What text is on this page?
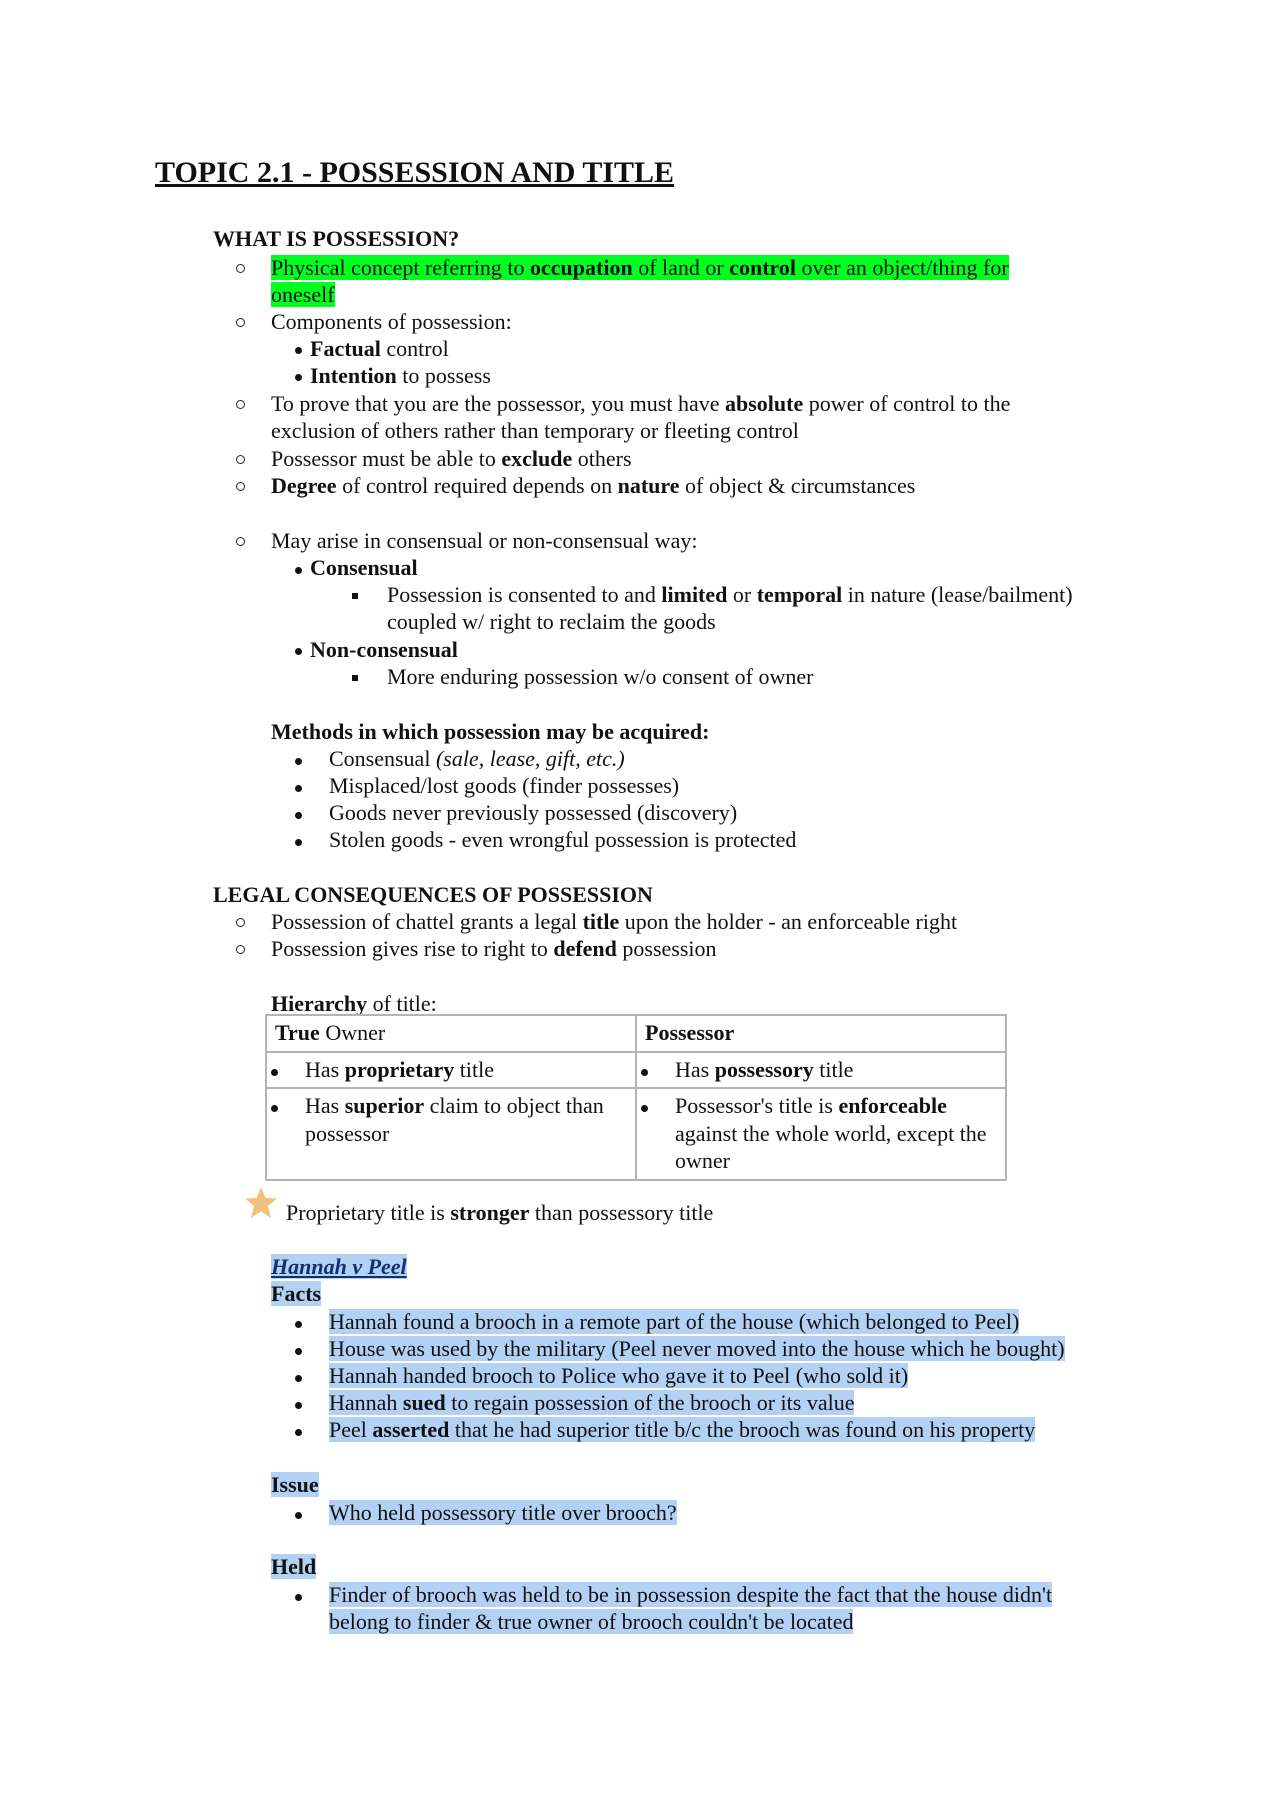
TOPIC 2.1 - POSSESSION AND TITLE
WHAT IS POSSESSION?
Physical concept referring to occupation of land or control over an object/thing for
oneself
Components of possession:
Factual control
Intention to possess
To prove that you are the possessor, you must have absolute power of control to the
exclusion of others rather than temporary or fleeting control
Possessor must be able to exclude others
Degree of control required depends on nature of object & circumstances
May arise in consensual or non-consensual way:
Consensual
Possession is consented to and limited or temporal in nature (lease/bailment)
coupled w/ right to reclaim the goods
Non-consensual
More enduring possession w/o consent of owner
Methods in which possession may be acquired:
Consensual (sale, lease, gift, etc.)
Misplaced/lost goods (finder possesses)
Goods never previously possessed (discovery)
Stolen goods - even wrongful possession is protected
LEGAL CONSEQUENCES OF POSSESSION
Possession of chattel grants a legal title upon the holder - an enforceable right
Possession gives rise to right to defend possession
Hierarchy of title:
True Owner	Possessor

Has proprietary title	Has possessory title

Has superior claim to object than possessor	Possessor's title is enforceable against the whole world, except the owner
Proprietary title is stronger than possessory title
Hannah v Peel
Facts
Hannah found a brooch in a remote part of the house (which belonged to Peel)
House was used by the military (Peel never moved into the house which he bought)
Hannah handed brooch to Police who gave it to Peel (who sold it)
Hannah sued to regain possession of the brooch or its value
Peel asserted that he had superior title b/c the brooch was found on his property
Issue
Who held possessory title over brooch?
Held
Finder of brooch was held to be in possession despite the fact that the house didn't
belong to finder & true owner of brooch couldn't be located
